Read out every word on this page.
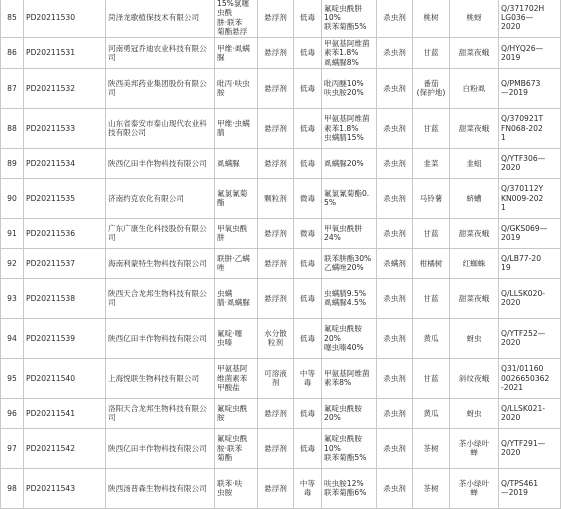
85	PD20211530	菏泽龙歌植保技术有限公司	15%氯噻
虫酰
肼·联苯
菊酯悬浮	悬浮剂	低毒	氟啶虫酰肼
10%
联苯菊酯5%	杀虫剂	桃树	桃蚜	Q/371702H
LG036—
2020

86	PD20211531	河南勇冠乔迪农业科技有限公司	甲维·虱螨脲	悬浮剂	低毒	甲氨基阿维菌素苯1.8%
虱螨脲8%	杀虫剂	甘蓝	甜菜夜蛾	Q/HYQ26—
2019

87	PD20211532	陕西美邦药业集团股份有限公司	吡丙·呋虫胺	悬浮剂	低毒	吡丙醚10%
呋虫胺20%	杀虫剂	番茄
(保护地)	白粉虱	Q/PMB673
—2019

88	PD20211533	山东省泰安市泰山现代农业科技有限公司	甲维·虫螨腈	悬浮剂	低毒	甲氨基阿维菌素苯1.8%
虫螨腈15%	杀虫剂	甘蓝	甜菜夜蛾	Q/370921T
FN068-202
1

89	PD20211534	陕西亿田丰作物科技有限公司	虱螨脲	悬浮剂	低毒	虱螨脲20%	杀虫剂	韭菜	韭蛆	Q/YTF306—
2020

90	PD20211535	济南约克农化有限公司	氟氯氰菊
酯	颗粒剂	微毒	氟氯氰菊酯0.5%	杀虫剂	马铃薯	蛴螬	Q/370112Y
KN009-202
1

91	PD20211536	广东广康生化科技股份有限公司	甲氧虫酰
肼	悬浮剂	微毒	甲氧虫酰肼
24%	杀虫剂	甘蓝	甜菜夜蛾	Q/GKS069—
2019

92	PD20211537	海南利蒙特生物科技有限公司	联肼·乙螨唑	悬浮剂	低毒	联苯肼酯30%
乙螨唑20%	杀螨剂	柑橘树	红蜘蛛	Q/LB77-20
19

93	PD20211538	陕西天合龙邦生物科技有限公司	虫螨
腈·虱螨脲	悬浮剂	低毒	虫螨腈9.5%
虱螨脲4.5%	杀虫剂	甘蓝	甜菜夜蛾	Q/LLSK020-
2020

94	PD20211539	陕西亿田丰作物科技有限公司	氟啶·噻
虫嗪	水分散
粒剂	低毒	氟啶虫酰胺
20%
噻虫嗪40%	杀虫剂	黄瓜	蚜虫	Q/YTF252—
2020

95	PD20211540	上海悦联生物科技有限公司	甲氨基阿
维菌素苯
甲酸盐	可溶液
剂	中等
毒	甲氨基阿维菌素苯8%	杀虫剂	甘蓝	斜纹夜蛾	Q31/01160
0026650362
-2021

96	PD20211541	洛阳天合龙邦生物科技有限公司	氟啶虫酰
胺	悬浮剂	低毒	氟啶虫酰胺
20%	杀虫剂	黄瓜	蚜虫	Q/LLSK021-
2020

97	PD20211542	陕西亿田丰作物科技有限公司	氟啶虫酰
胺·联苯
菊酯	悬浮剂	低毒	氟啶虫酰胺
10%
联苯菊酯5%	杀虫剂	茶树	茶小绿叶
蝉	Q/YTF291—
2020

98	PD20211543	陕西汤普森生物科技有限公司	联苯·呋
虫胺	悬浮剂	中等
毒	呋虫胺12%
联苯菊酯6%	杀虫剂	茶树	茶小绿叶
蝉	Q/TPS461
—2019
